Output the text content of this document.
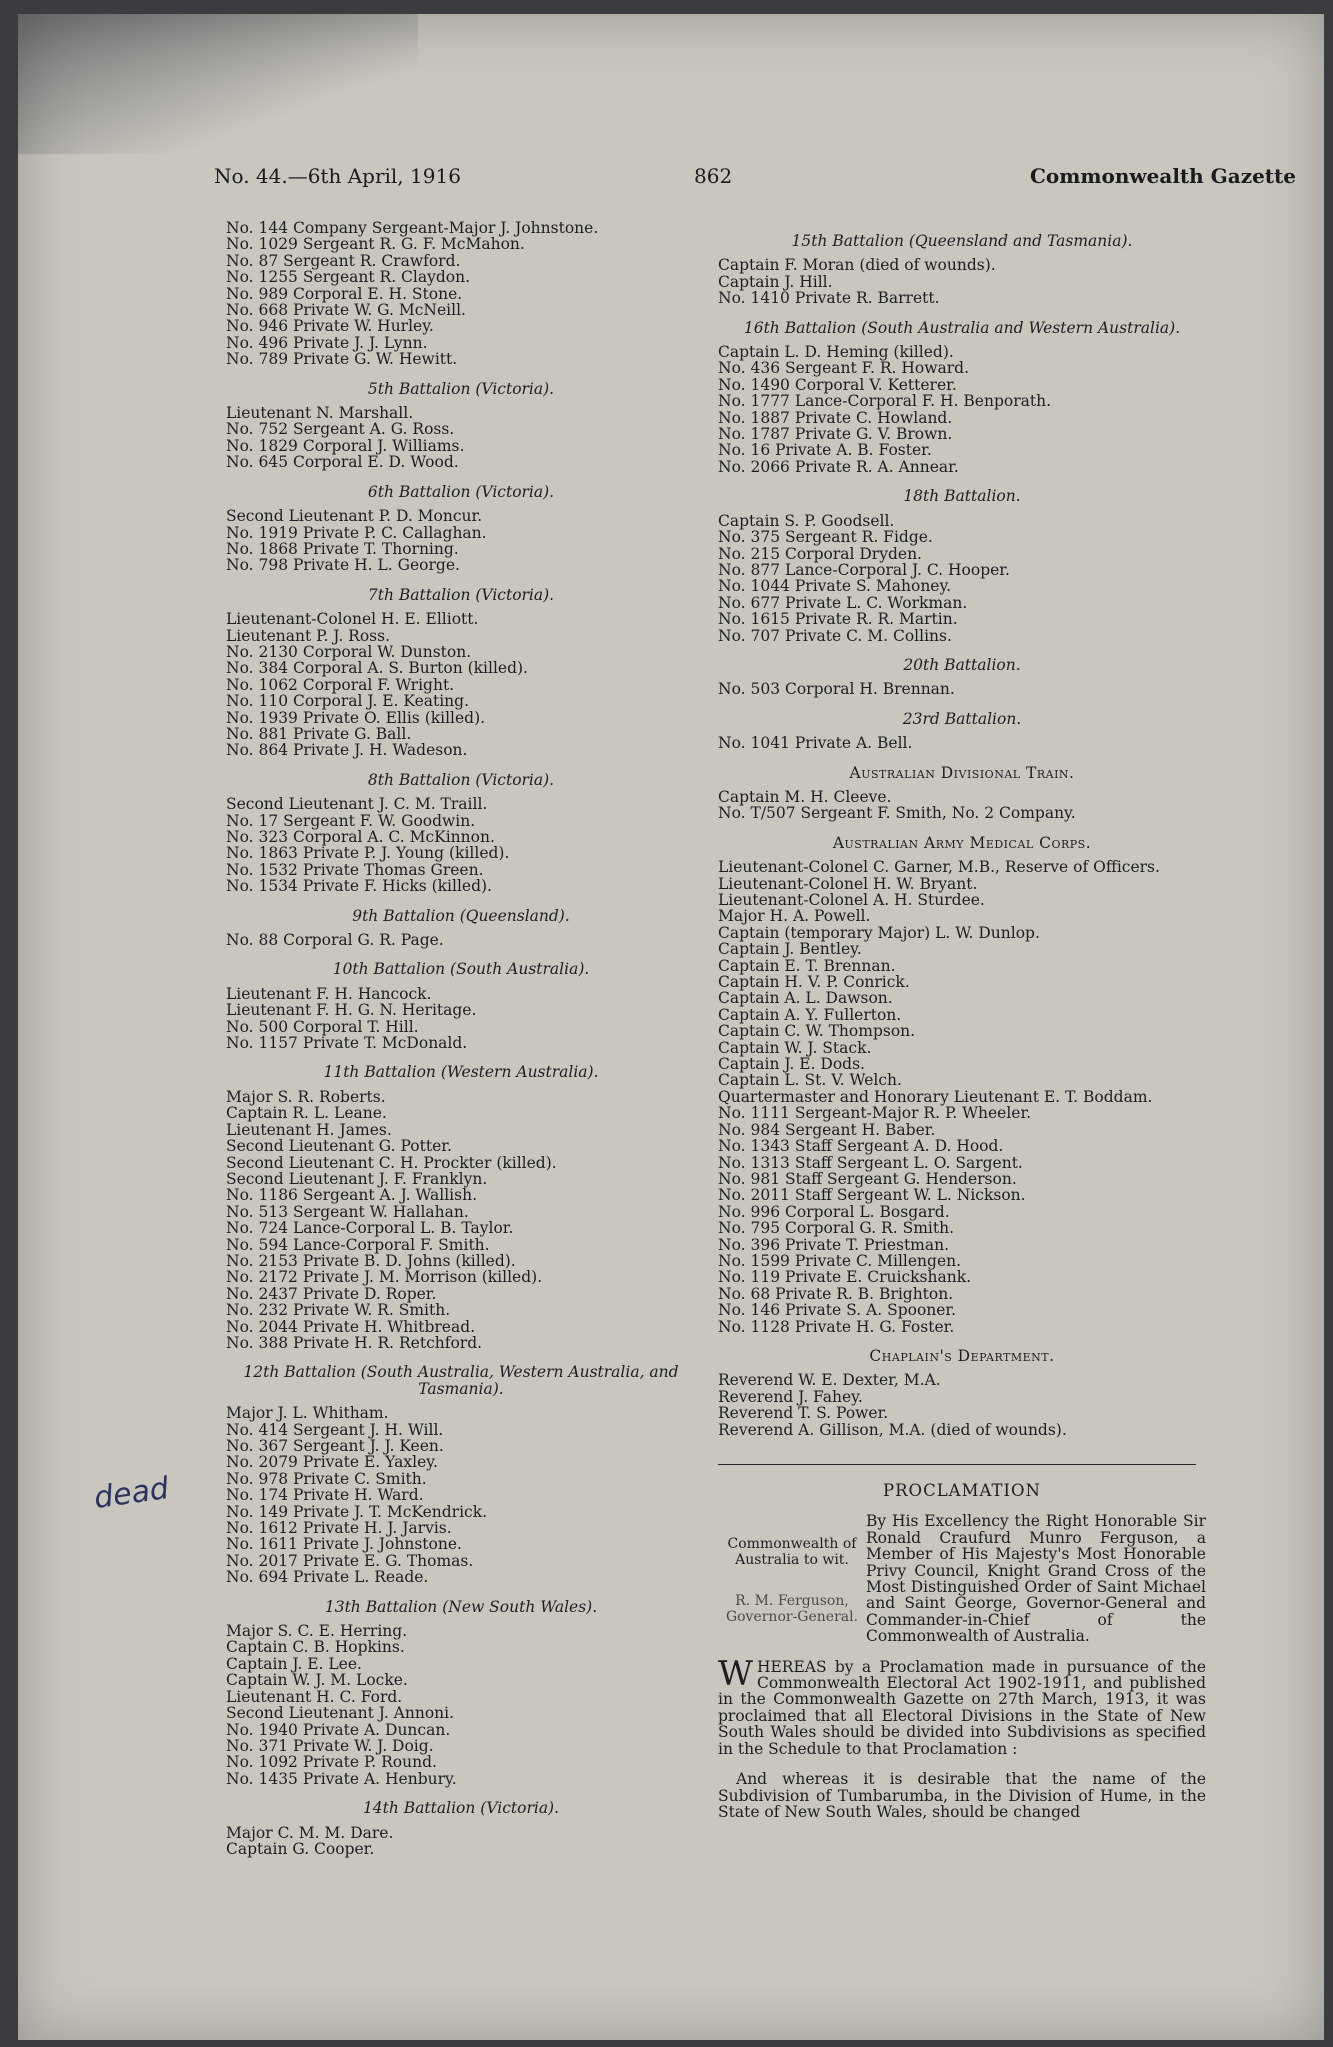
No. 44.—6th April, 1916	862	Commonwealth Gazette
dead
No. 144 Company Sergeant-Major J. Johnstone.
No. 1029 Sergeant R. G. F. McMahon.
No. 87 Sergeant R. Crawford.
No. 1255 Sergeant R. Claydon.
No. 989 Corporal E. H. Stone.
No. 668 Private W. G. McNeill.
No. 946 Private W. Hurley.
No. 496 Private J. J. Lynn.
No. 789 Private G. W. Hewitt.
5th Battalion (Victoria).
Lieutenant N. Marshall.
No. 752 Sergeant A. G. Ross.
No. 1829 Corporal J. Williams.
No. 645 Corporal E. D. Wood.
6th Battalion (Victoria).
Second Lieutenant P. D. Moncur.
No. 1919 Private P. C. Callaghan.
No. 1868 Private T. Thorning.
No. 798 Private H. L. George.
7th Battalion (Victoria).
Lieutenant-Colonel H. E. Elliott.
Lieutenant P. J. Ross.
No. 2130 Corporal W. Dunston.
No. 384 Corporal A. S. Burton (killed).
No. 1062 Corporal F. Wright.
No. 110 Corporal J. E. Keating.
No. 1939 Private O. Ellis (killed).
No. 881 Private G. Ball.
No. 864 Private J. H. Wadeson.
8th Battalion (Victoria).
Second Lieutenant J. C. M. Traill.
No. 17 Sergeant F. W. Goodwin.
No. 323 Corporal A. C. McKinnon.
No. 1863 Private P. J. Young (killed).
No. 1532 Private Thomas Green.
No. 1534 Private F. Hicks (killed).
9th Battalion (Queensland).
No. 88 Corporal G. R. Page.
10th Battalion (South Australia).
Lieutenant F. H. Hancock.
Lieutenant F. H. G. N. Heritage.
No. 500 Corporal T. Hill.
No. 1157 Private T. McDonald.
11th Battalion (Western Australia).
Major S. R. Roberts.
Captain R. L. Leane.
Lieutenant H. James.
Second Lieutenant G. Potter.
Second Lieutenant C. H. Prockter (killed).
Second Lieutenant J. F. Franklyn.
No. 1186 Sergeant A. J. Wallish.
No. 513 Sergeant W. Hallahan.
No. 724 Lance-Corporal L. B. Taylor.
No. 594 Lance-Corporal F. Smith.
No. 2153 Private B. D. Johns (killed).
No. 2172 Private J. M. Morrison (killed).
No. 2437 Private D. Roper.
No. 232 Private W. R. Smith.
No. 2044 Private H. Whitbread.
No. 388 Private H. R. Retchford.
12th Battalion (South Australia, Western Australia, and Tasmania).
Major J. L. Whitham.
No. 414 Sergeant J. H. Will.
No. 367 Sergeant J. J. Keen.
No. 2079 Private E. Yaxley.
No. 978 Private C. Smith.
No. 174 Private H. Ward.
No. 149 Private J. T. McKendrick.
No. 1612 Private H. J. Jarvis.
No. 1611 Private J. Johnstone.
No. 2017 Private E. G. Thomas.
No. 694 Private L. Reade.
13th Battalion (New South Wales).
Major S. C. E. Herring.
Captain C. B. Hopkins.
Captain J. E. Lee.
Captain W. J. M. Locke.
Lieutenant H. C. Ford.
Second Lieutenant J. Annoni.
No. 1940 Private A. Duncan.
No. 371 Private W. J. Doig.
No. 1092 Private P. Round.
No. 1435 Private A. Henbury.
14th Battalion (Victoria).
Major C. M. M. Dare.
Captain G. Cooper.
15th Battalion (Queensland and Tasmania).
Captain F. Moran (died of wounds).
Captain J. Hill.
No. 1410 Private R. Barrett.
16th Battalion (South Australia and Western Australia).
Captain L. D. Heming (killed).
No. 436 Sergeant F. R. Howard.
No. 1490 Corporal V. Ketterer.
No. 1777 Lance-Corporal F. H. Benporath.
No. 1887 Private C. Howland.
No. 1787 Private G. V. Brown.
No. 16 Private A. B. Foster.
No. 2066 Private R. A. Annear.
18th Battalion.
Captain S. P. Goodsell.
No. 375 Sergeant R. Fidge.
No. 215 Corporal Dryden.
No. 877 Lance-Corporal J. C. Hooper.
No. 1044 Private S. Mahoney.
No. 677 Private L. C. Workman.
No. 1615 Private R. R. Martin.
No. 707 Private C. M. Collins.
20th Battalion.
No. 503 Corporal H. Brennan.
23rd Battalion.
No. 1041 Private A. Bell.
Australian Divisional Train.
Captain M. H. Cleeve.
No. T/507 Sergeant F. Smith, No. 2 Company.
Australian Army Medical Corps.
Lieutenant-Colonel C. Garner, M.B., Reserve of Officers.
Lieutenant-Colonel H. W. Bryant.
Lieutenant-Colonel A. H. Sturdee.
Major H. A. Powell.
Captain (temporary Major) L. W. Dunlop.
Captain J. Bentley.
Captain E. T. Brennan.
Captain H. V. P. Conrick.
Captain A. L. Dawson.
Captain A. Y. Fullerton.
Captain C. W. Thompson.
Captain W. J. Stack.
Captain J. E. Dods.
Captain L. St. V. Welch.
Quartermaster and Honorary Lieutenant E. T. Boddam.
No. 1111 Sergeant-Major R. P. Wheeler.
No. 984 Sergeant H. Baber.
No. 1343 Staff Sergeant A. D. Hood.
No. 1313 Staff Sergeant L. O. Sargent.
No. 981 Staff Sergeant G. Henderson.
No. 2011 Staff Sergeant W. L. Nickson.
No. 996 Corporal L. Bosgard.
No. 795 Corporal G. R. Smith.
No. 396 Private T. Priestman.
No. 1599 Private C. Millengen.
No. 119 Private E. Cruickshank.
No. 68 Private R. B. Brighton.
No. 146 Private S. A. Spooner.
No. 1128 Private H. G. Foster.
Chaplain's Department.
Reverend W. E. Dexter, M.A.
Reverend J. Fahey.
Reverend T. S. Power.
Reverend A. Gillison, M.A. (died of wounds).
PROCLAMATION
Commonwealth of Australia to wit.
R. M. Ferguson, Governor-General.
By His Excellency the Right Honorable Sir Ronald Craufurd Munro Ferguson, a Member of His Majesty's Most Honorable Privy Council, Knight Grand Cross of the Most Distinguished Order of Saint Michael and Saint George, Governor-General and Commander-in-Chief of the Commonwealth of Australia.
WHEREAS by a Proclamation made in pursuance of the Commonwealth Electoral Act 1902-1911, and published in the Commonwealth Gazette on 27th March, 1913, it was proclaimed that all Electoral Divisions in the State of New South Wales should be divided into Subdivisions as specified in the Schedule to that Proclamation :
And whereas it is desirable that the name of the Subdivision of Tumbarumba, in the Division of Hume, in the State of New South Wales, should be changed
